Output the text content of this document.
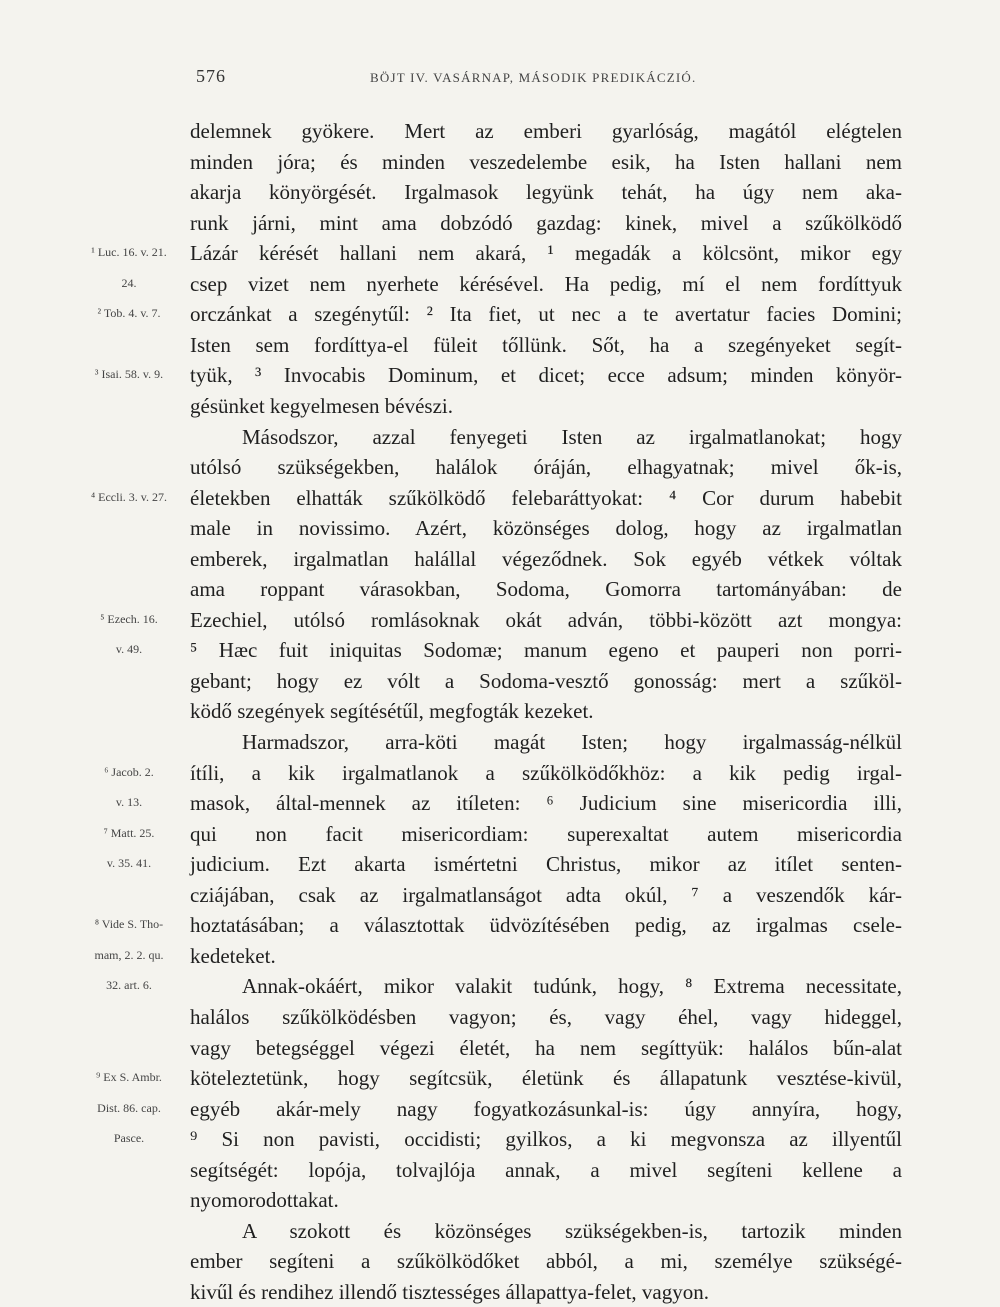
576	BÖJT IV. VASÁRNAP, MÁSODIK PREDIKÁCZIÓ.
¹ Luc. 16. v. 21.
24.
² Tob. 4. v. 7.
³ Isai. 58. v. 9.
⁴ Eccli. 3. v. 27.
⁵ Ezech. 16.
v. 49.
⁶ Jacob. 2.
v. 13.
⁷ Matt. 25.
v. 35. 41.
⁸ Vide S. Tho-
mam, 2. 2. qu.
32. art. 6.
⁹ Ex S. Ambr.
Dist. 86. cap.
Pasce.
delemnek gyökere. Mert az emberi gyarlóság, magától elégtelen
minden jóra; és minden veszedelembe esik, ha Isten hallani nem
akarja könyörgését. Irgalmasok legyünk tehát, ha úgy nem aka-
runk járni, mint ama dobzódó gazdag: kinek, mivel a szűkölködő
Lázár kérését hallani nem akará, ¹ megadák a kölcsönt, mikor egy
csep vizet nem nyerhete kérésével. Ha pedig, mí el nem fordíttyuk
orczánkat a szegénytűl: ² Ita fiet, ut nec a te avertatur facies Domini;
Isten sem fordíttya-el füleit tőllünk. Sőt, ha a szegényeket segít-
tyük, ³ Invocabis Dominum, et dicet; ecce adsum; minden könyör-
gésünket kegyelmesen bévészi.
Másodszor, azzal fenyegeti Isten az irgalmatlanokat; hogy
utólsó szükségekben, halálok óráján, elhagyatnak; mivel ők-is,
életekben elhatták szűkölködő felebaráttyokat: ⁴ Cor durum habebit
male in novissimo. Azért, közönséges dolog, hogy az irgalmatlan
emberek, irgalmatlan halállal végeződnek. Sok egyéb vétkek vóltak
ama roppant várasokban, Sodoma, Gomorra tartományában: de
Ezechiel, utólsó romlásoknak okát adván, többi-között azt mongya:
⁵ Hæc fuit iniquitas Sodomæ; manum egeno et pauperi non porri-
gebant; hogy ez vólt a Sodoma-vesztő gonosság: mert a szűköl-
ködő szegények segítésétűl, megfogták kezeket.
Harmadszor, arra-köti magát Isten; hogy irgalmasság-nélkül
ítíli, a kik irgalmatlanok a szűkölködőkhöz: a kik pedig irgal-
masok, által-mennek az itíleten: ⁶ Judicium sine misericordia illi,
qui non facit misericordiam: superexaltat autem misericordia
judicium. Ezt akarta ismértetni Christus, mikor az itílet senten-
cziájában, csak az irgalmatlanságot adta okúl, ⁷ a veszendők kár-
hoztatásában; a választottak üdvözítésében pedig, az irgalmas csele-
kedeteket.
Annak-okáért, mikor valakit tudúnk, hogy, ⁸ Extrema necessitate,
halálos szűkölködésben vagyon; és, vagy éhel, vagy hideggel,
vagy betegséggel végezi életét, ha nem segíttyük: halálos bűn-alat
köteleztetünk, hogy segítcsük, életünk és állapatunk vesztése-kivül,
egyéb akár-mely nagy fogyatkozásunkal-is: úgy annyíra, hogy,
⁹ Si non pavisti, occidisti; gyilkos, a ki megvonsza az illyentűl
segítségét: lopója, tolvajlója annak, a mivel segíteni kellene a
nyomorodottakat.
A szokott és közönséges szükségekben-is, tartozik minden
ember segíteni a szűkölködőket abból, a mi, személye szükségé-
kivűl és rendihez illendő tisztességes állapattya-felet, vagyon.
